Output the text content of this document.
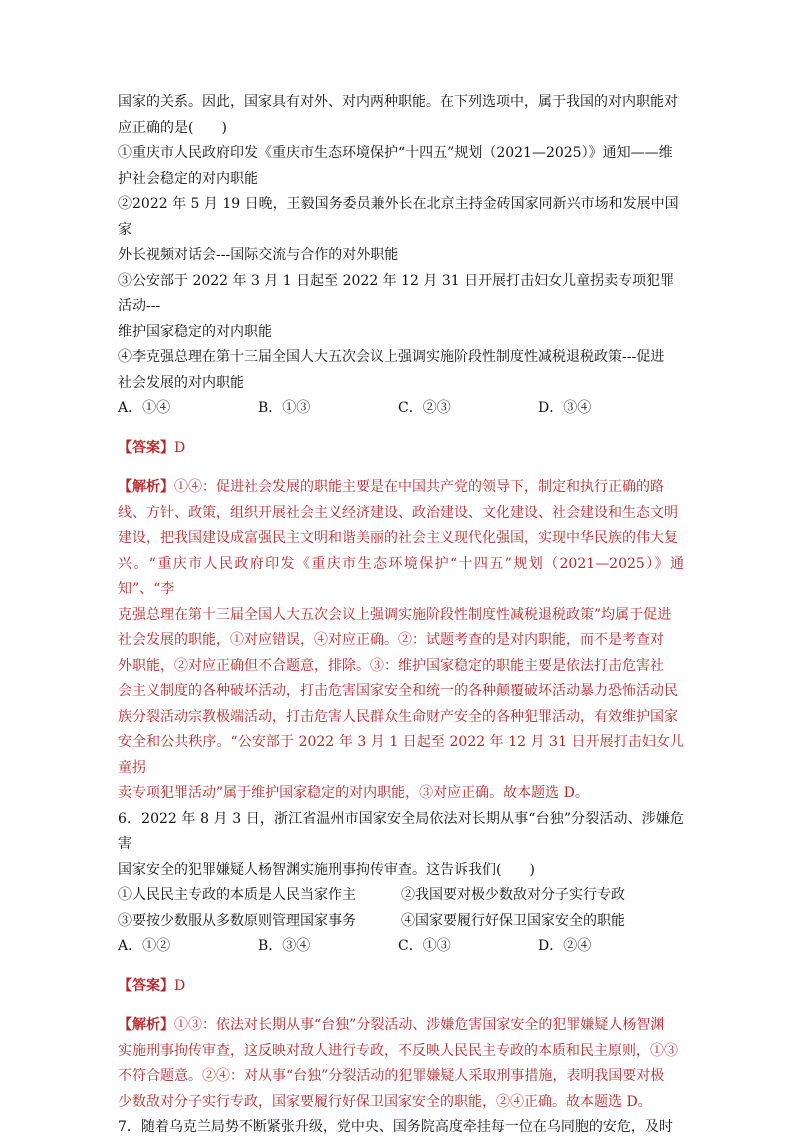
国家的关系。因此，国家具有对外、对内两种职能。在下列选项中，属于我国的对内职能对

应正确的是(　　)

①重庆市人民政府印发《重庆市生态环境保护“十四五”规划（2021—2025）》通知——维

护社会稳定的对内职能

②2022 年 5 月 19 日晚，王毅国务委员兼外长在北京主持金砖国家同新兴市场和发展中国家

外长视频对话会---国际交流与合作的对外职能

③公安部于 2022 年 3 月 1 日起至 2022 年 12 月 31 日开展打击妇女儿童拐卖专项犯罪活动---

维护国家稳定的对内职能

④李克强总理在第十三届全国人大五次会议上强调实施阶段性制度性减税退税政策---促进

社会发展的对内职能

A．①④	B．①③	C．②③	D．③④

【答案】D

【解析】①④：促进社会发展的职能主要是在中国共产党的领导下，制定和执行正确的路

线、方针、政策，组织开展社会主义经济建设、政治建设、文化建设、社会建设和生态文明

建设，把我国建设成富强民主文明和谐美丽的社会主义现代化强国，实现中华民族的伟大复

兴。“重庆市人民政府印发《重庆市生态环境保护“十四五”规划（2021—2025）》通知”、“李

克强总理在第十三届全国人大五次会议上强调实施阶段性制度性减税退税政策”均属于促进

社会发展的职能，①对应错误，④对应正确。②：试题考查的是对内职能，而不是考查对

外职能，②对应正确但不合题意，排除。③：维护国家稳定的职能主要是依法打击危害社

会主义制度的各种破坏活动，打击危害国家安全和统一的各种颠覆破坏活动暴力恐怖活动民

族分裂活动宗教极端活动，打击危害人民群众生命财产安全的各种犯罪活动，有效维护国家

安全和公共秩序。“公安部于 2022 年 3 月 1 日起至 2022 年 12 月 31 日开展打击妇女儿童拐

卖专项犯罪活动”属于维护国家稳定的对内职能，③对应正确。故本题选 D。

6．2022 年 8 月 3 日，浙江省温州市国家安全局依法对长期从事“台独”分裂活动、涉嫌危害

国家安全的犯罪嫌疑人杨智渊实施刑事拘传审查。这告诉我们(　　)

①人民民主专政的本质是人民当家作主	②我国要对极少数敌对分子实行专政
③要按少数服从多数原则管理国家事务	④国家要履行好保卫国家安全的职能
A．①②	B．③④	C．①③	D．②④

【答案】D

【解析】①③：依法对长期从事“台独”分裂活动、涉嫌危害国家安全的犯罪嫌疑人杨智渊

实施刑事拘传审查，这反映对敌人进行专政，不反映人民民主专政的本质和民主原则，①③

不符合题意。②④：对从事“台独”分裂活动的犯罪嫌疑人采取刑事措施，表明我国要对极

少数敌对分子实行专政，国家要履行好保卫国家安全的职能，②④正确。故本题选 D。

7．随着乌克兰局势不断紧张升级，党中央、国务院高度牵挂每一位在乌同胞的安危，及时
